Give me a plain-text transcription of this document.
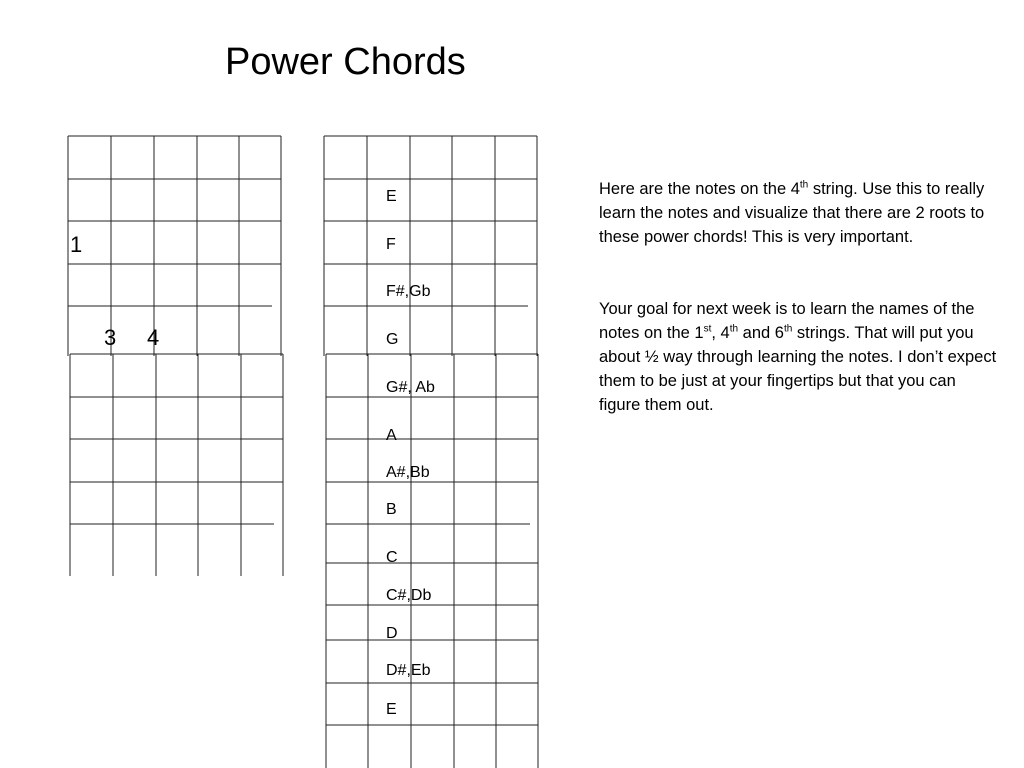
Power Chords
1
3 4
E
F
F#,Gb
G
G#, Ab
A
A#,Bb
B
C
C#,Db
D
D#,Eb
E

Here are the notes on the 4th string. Use this to really learn the notes and visualize that there are 2 roots to these power chords! This is very important.

Your goal for next week is to learn the names of the notes on the 1st, 4th and 6th strings. That will put you about ½ way through learning the notes. I don’t expect them to be just at your fingertips but that you can figure them out.
